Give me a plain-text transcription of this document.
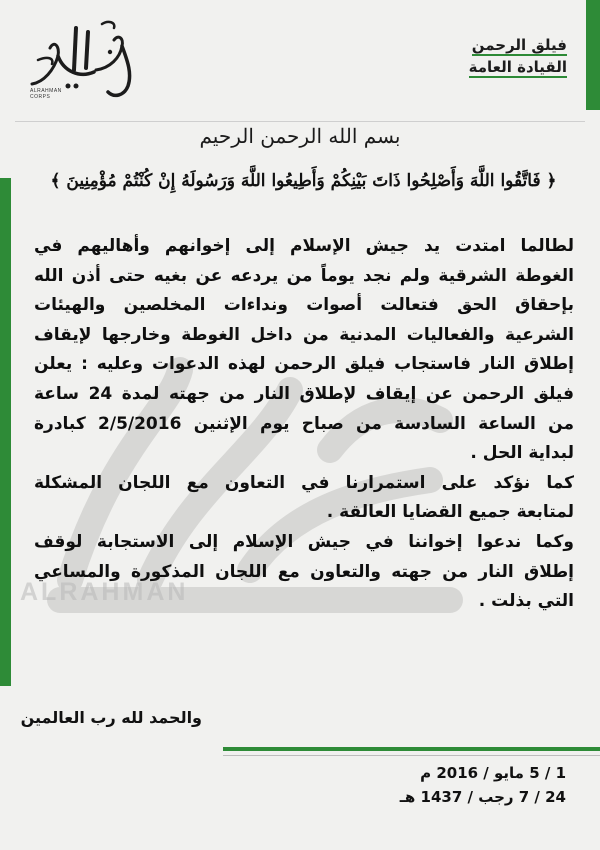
ALRAHMAN
ALRAHMAN CORPS
فيلق الرحمن
القيادة العامة
بسم الله الرحمن الرحيم
﴿ فَاتَّقُوا اللَّهَ وَأَصْلِحُوا ذَاتَ بَيْنِكُمْ وَأَطِيعُوا اللَّهَ وَرَسُولَهُ إِنْ كُنْتُمْ مُؤْمِنِينَ ﴾
لطالما امتدت يد جيش الإسلام إلى إخوانهم وأهاليهم في
الغوطة الشرقية ولم نجد يوماً من يردعه عن بغيه حتى أذن الله
بإحقاق الحق فتعالت أصوات ونداءات المخلصين والهيئات
الشرعية والفعاليات المدنية من داخل الغوطة وخارجها لإيقاف
إطلاق النار فاستجاب فيلق الرحمن لهذه الدعوات وعليه : يعلن
فيلق الرحمن عن إيقاف لإطلاق النار من جهته لمدة 24 ساعة
من الساعة السادسة من صباح يوم الإثنين 2/5/2016 كبادرة
لبداية الحل .
كما نؤكد على استمرارنا في التعاون مع اللجان المشكلة
لمتابعة جميع القضايا العالقة .
وكما ندعوا إخواننا في جيش الإسلام إلى الاستجابة لوقف
إطلاق النار من جهته والتعاون مع اللجان المذكورة والمساعي
التي بذلت .
والحمد لله رب العالمين
1 / 5 مايو / 2016 م
24 / 7 رجب / 1437 هـ
